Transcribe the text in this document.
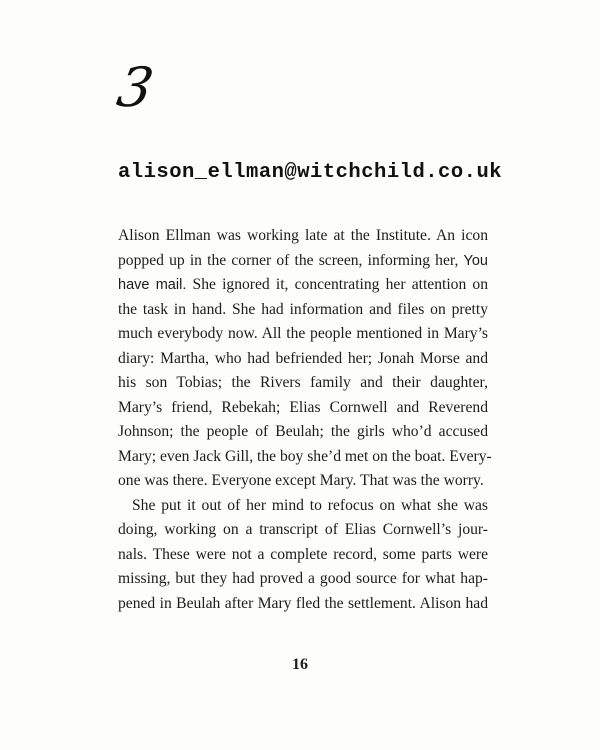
3
alison_ellman@witchchild.co.uk
Alison Ellman was working late at the Institute. An icon
popped up in the corner of the screen, informing her, You
have mail. She ignored it, concentrating her attention on
the task in hand. She had information and files on pretty
much everybody now. All the people mentioned in Mary’s
diary: Martha, who had befriended her; Jonah Morse and
his son Tobias; the Rivers family and their daughter,
Mary’s friend, Rebekah; Elias Cornwell and Reverend
Johnson; the people of Beulah; the girls who’d accused
Mary; even Jack Gill, the boy she’d met on the boat. Every-
one was there. Everyone except Mary. That was the worry.
She put it out of her mind to refocus on what she was
doing, working on a transcript of Elias Cornwell’s jour-
nals. These were not a complete record, some parts were
missing, but they had proved a good source for what hap-
pened in Beulah after Mary fled the settlement. Alison had
16
